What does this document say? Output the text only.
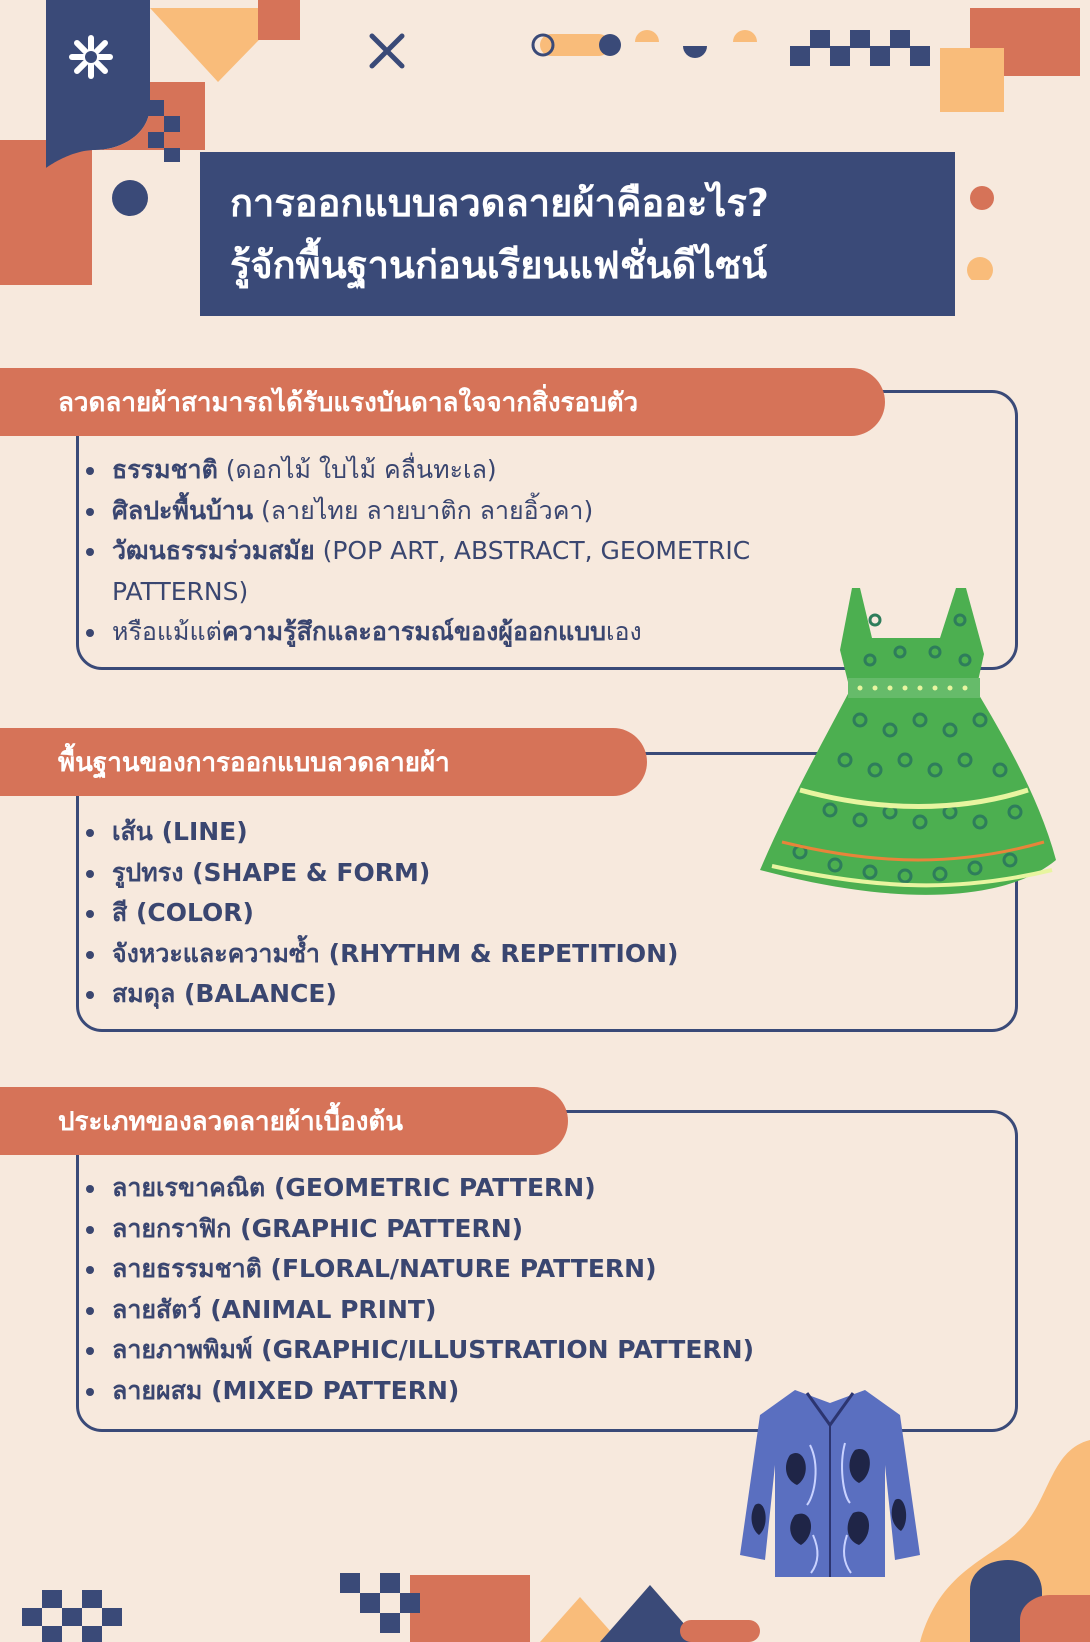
การออกแบบลวดลายผ้าคืออะไร?
รู้จักพื้นฐานก่อนเรียนแฟชั่นดีไซน์
ลวดลายผ้าสามารถได้รับแรงบันดาลใจจากสิ่งรอบตัว
ธรรมชาติ (ดอกไม้ ใบไม้ คลื่นทะเล)
ศิลปะพื้นบ้าน (ลายไทย ลายบาติก ลายอิ้วคา)
วัฒนธรรมร่วมสมัย (POP ART, ABSTRACT, GEOMETRIC
PATTERNS)
หรือแม้แต่ความรู้สึกและอารมณ์ของผู้ออกแบบเอง
พื้นฐานของการออกแบบลวดลายผ้า
เส้น (LINE)
รูปทรง (SHAPE & FORM)
สี (COLOR)
จังหวะและความซ้ำ (RHYTHM & REPETITION)
สมดุล (BALANCE)
ประเภทของลวดลายผ้าเบื้องต้น
ลายเรขาคณิต (GEOMETRIC PATTERN)
ลายกราฟิก (GRAPHIC PATTERN)
ลายธรรมชาติ (FLORAL/NATURE PATTERN)
ลายสัตว์ (ANIMAL PRINT)
ลายภาพพิมพ์ (GRAPHIC/ILLUSTRATION PATTERN)
ลายผสม (MIXED PATTERN)
